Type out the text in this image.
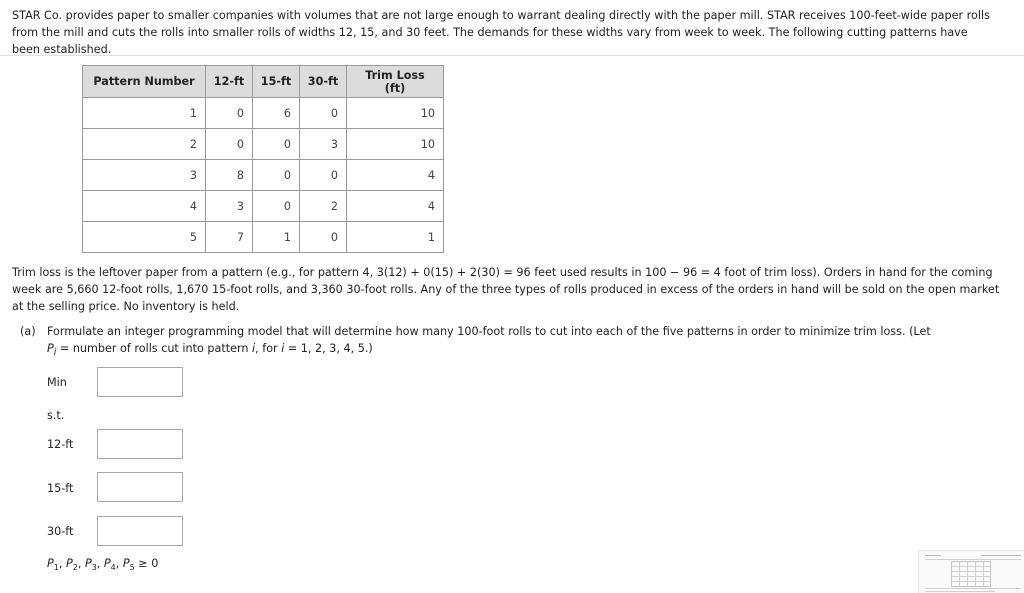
STAR Co. provides paper to smaller companies with volumes that are not large enough to warrant dealing directly with the paper mill. STAR receives 100-feet-wide paper rolls from the mill and cuts the rolls into smaller rolls of widths 12, 15, and 30 feet. The demands for these widths vary from week to week. The following cutting patterns have been established.
Pattern Number	12-ft	15-ft	30-ft	Trim Loss (ft)
1	0	6	0	10
2	0	0	3	10
3	8	0	0	4
4	3	0	2	4
5	7	1	0	1
Trim loss is the leftover paper from a pattern (e.g., for pattern 4, 3(12) + 0(15) + 2(30) = 96 feet used results in 100 − 96 = 4 foot of trim loss). Orders in hand for the coming week are 5,660 12-foot rolls, 1,670 15-foot rolls, and 3,360 30-foot rolls. Any of the three types of rolls produced in excess of the orders in hand will be sold on the open market at the selling price. No inventory is held.
(a) Formulate an integer programming model that will determine how many 100-foot rolls to cut into each of the five patterns in order to minimize trim loss. (Let
$P_i$ = number of rolls cut into pattern i, for i = 1, 2, 3, 4, 5.)
Min
s.t.
12-ft
15-ft
30-ft
$P_1$, $P_2$, $P_3$, $P_4$, $P_5 \ge 0$
